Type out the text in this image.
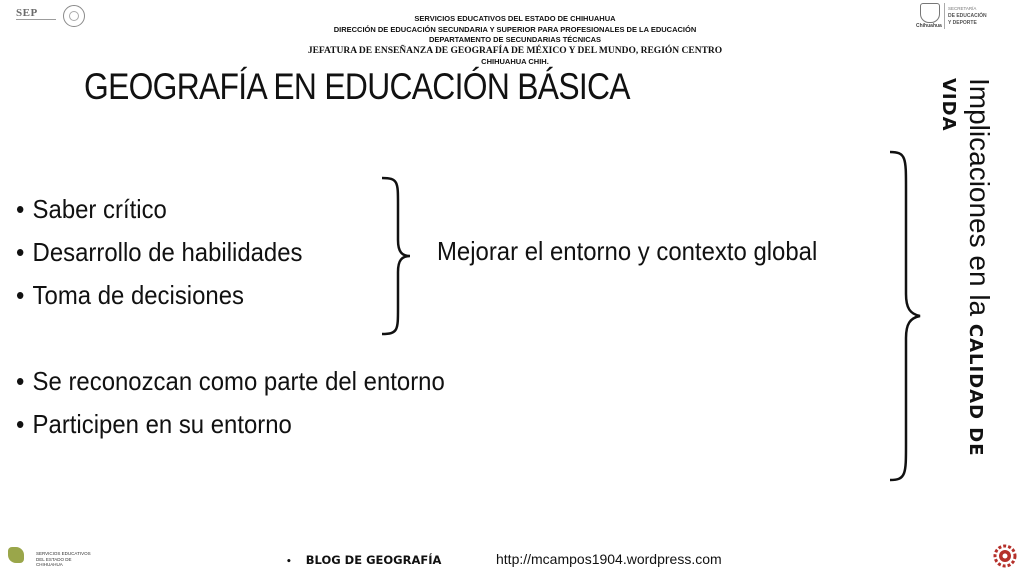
SEP
Chihuahua
SECRETARÍA
DE EDUCACIÓN
Y DEPORTE
SERVICIOS EDUCATIVOS DEL ESTADO DE CHIHUAHUA
DIRECCIÓN DE EDUCACIÓN SECUNDARIA Y SUPERIOR PARA PROFESIONALES DE LA EDUCACIÓN
DEPARTAMENTO DE SECUNDARIAS TÉCNICAS
JEFATURA DE ENSEÑANZA DE GEOGRAFÍA DE MÉXICO Y DEL MUNDO, REGIÓN CENTRO
CHIHUAHUA CHIH.
GEOGRAFÍA EN EDUCACIÓN BÁSICA
• Saber crítico
• Desarrollo de habilidades
• Toma de decisiones
Mejorar el entorno y contexto global
• Se reconozcan como parte del entorno
• Participen en su entorno
Implicaciones en la CALIDAD DE
VIDA
SERVICIOS EDUCATIVOS
DEL ESTADO DE CHIHUAHUA	• BLOG DE GEOGRAFÍA	http://mcampos1904.wordpress.com
